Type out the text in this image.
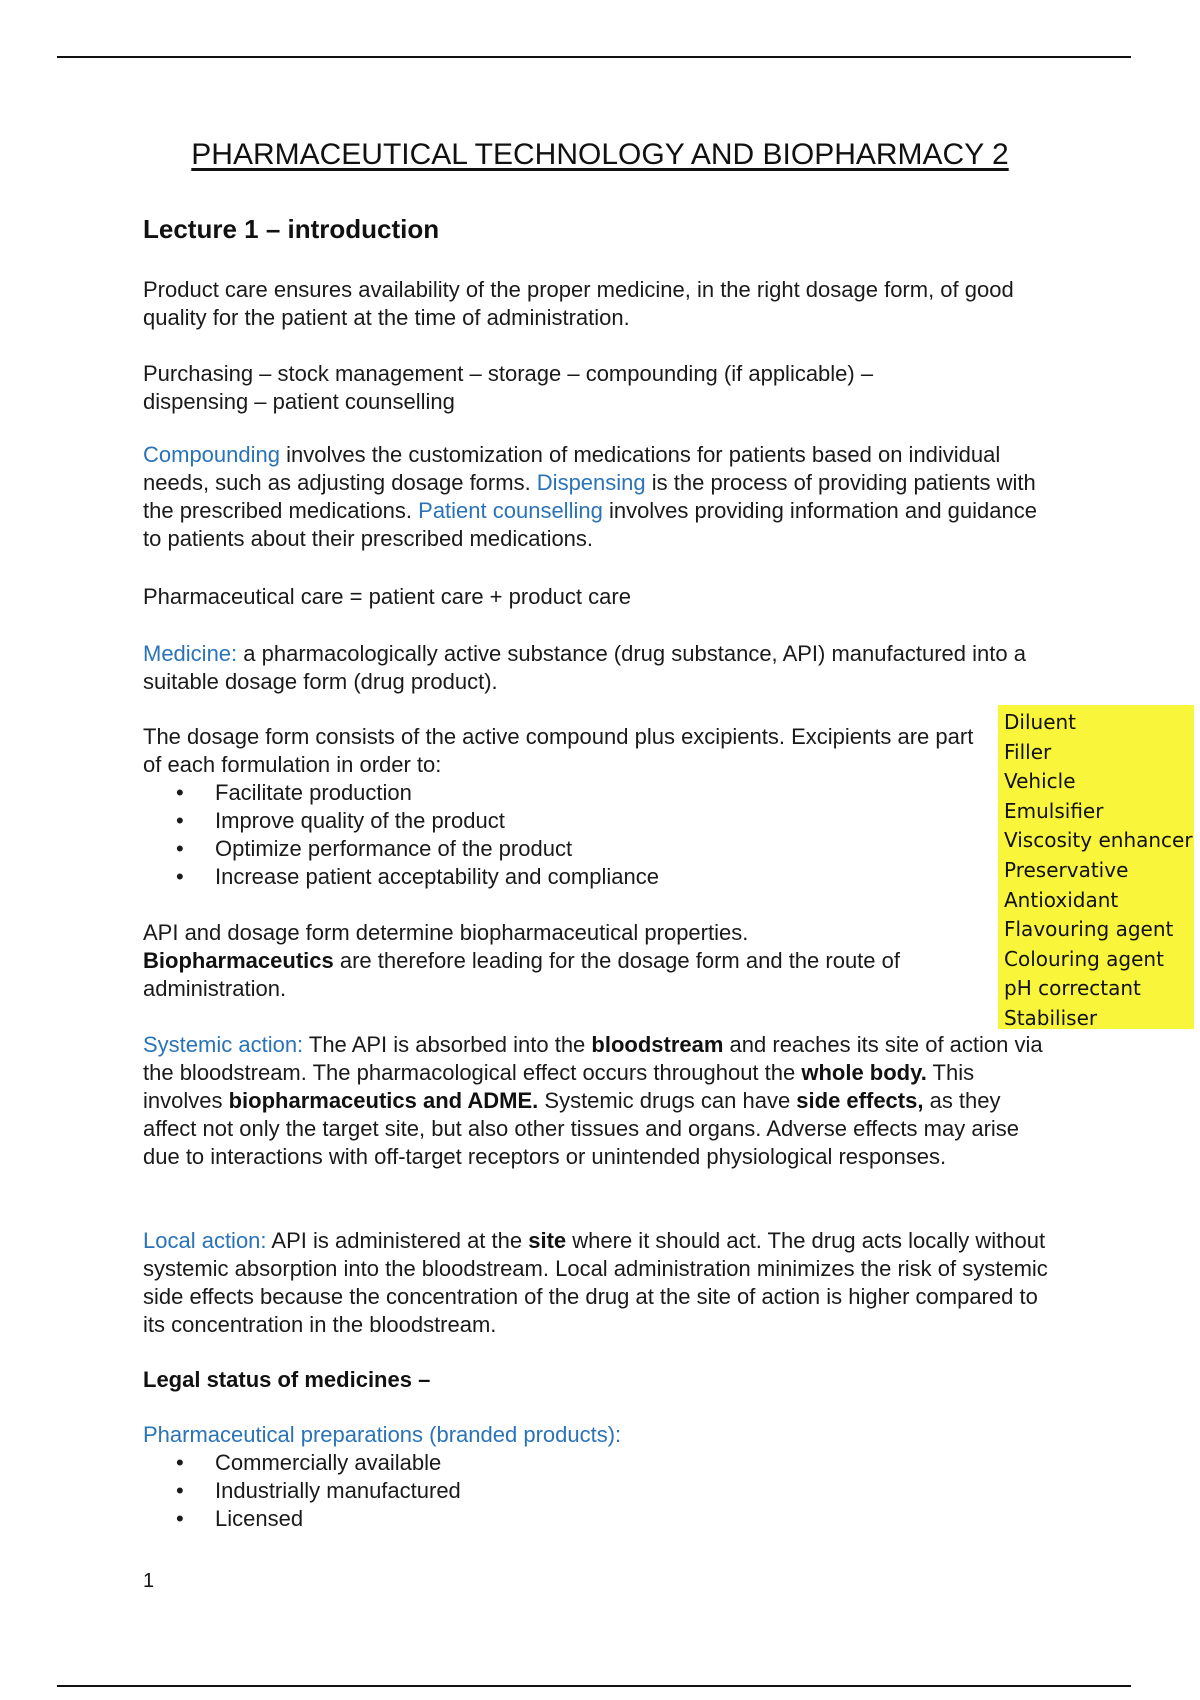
PHARMACEUTICAL TECHNOLOGY AND BIOPHARMACY 2
Lecture 1 – introduction

Product care ensures availability of the proper medicine, in the right dosage form, of good quality for the patient at the time of administration.

Purchasing – stock management – storage – compounding (if applicable) – dispensing – patient counselling

Compounding involves the customization of medications for patients based on individual needs, such as adjusting dosage forms. Dispensing is the process of providing patients with the prescribed medications. Patient counselling involves providing information and guidance to patients about their prescribed medications.

Pharmaceutical care = patient care + product care

Medicine: a pharmacologically active substance (drug substance, API) manufactured into a suitable dosage form (drug product).

The dosage form consists of the active compound plus excipients. Excipients are part of each formulation in order to:

• Facilitate production
• Improve quality of the product
• Optimize performance of the product
• Increase patient acceptability and compliance

API and dosage form determine biopharmaceutical properties.
Biopharmaceutics are therefore leading for the dosage form and the route of administration.

Systemic action: The API is absorbed into the bloodstream and reaches its site of action via the bloodstream. The pharmacological effect occurs throughout the whole body. This involves biopharmaceutics and ADME. Systemic drugs can have side effects, as they affect not only the target site, but also other tissues and organs. Adverse effects may arise due to interactions with off-target receptors or unintended physiological responses.

Local action: API is administered at the site where it should act. The drug acts locally without systemic absorption into the bloodstream. Local administration minimizes the risk of systemic side effects because the concentration of the drug at the site of action is higher compared to its concentration in the bloodstream.

Legal status of medicines –

Pharmaceutical preparations (branded products):

• Commercially available
• Industrially manufactured
• Licensed
Diluent
Filler
Vehicle
Emulsifier
Viscosity enhancer
Preservative
Antioxidant
Flavouring agent
Colouring agent
pH correctant
Stabiliser

1
